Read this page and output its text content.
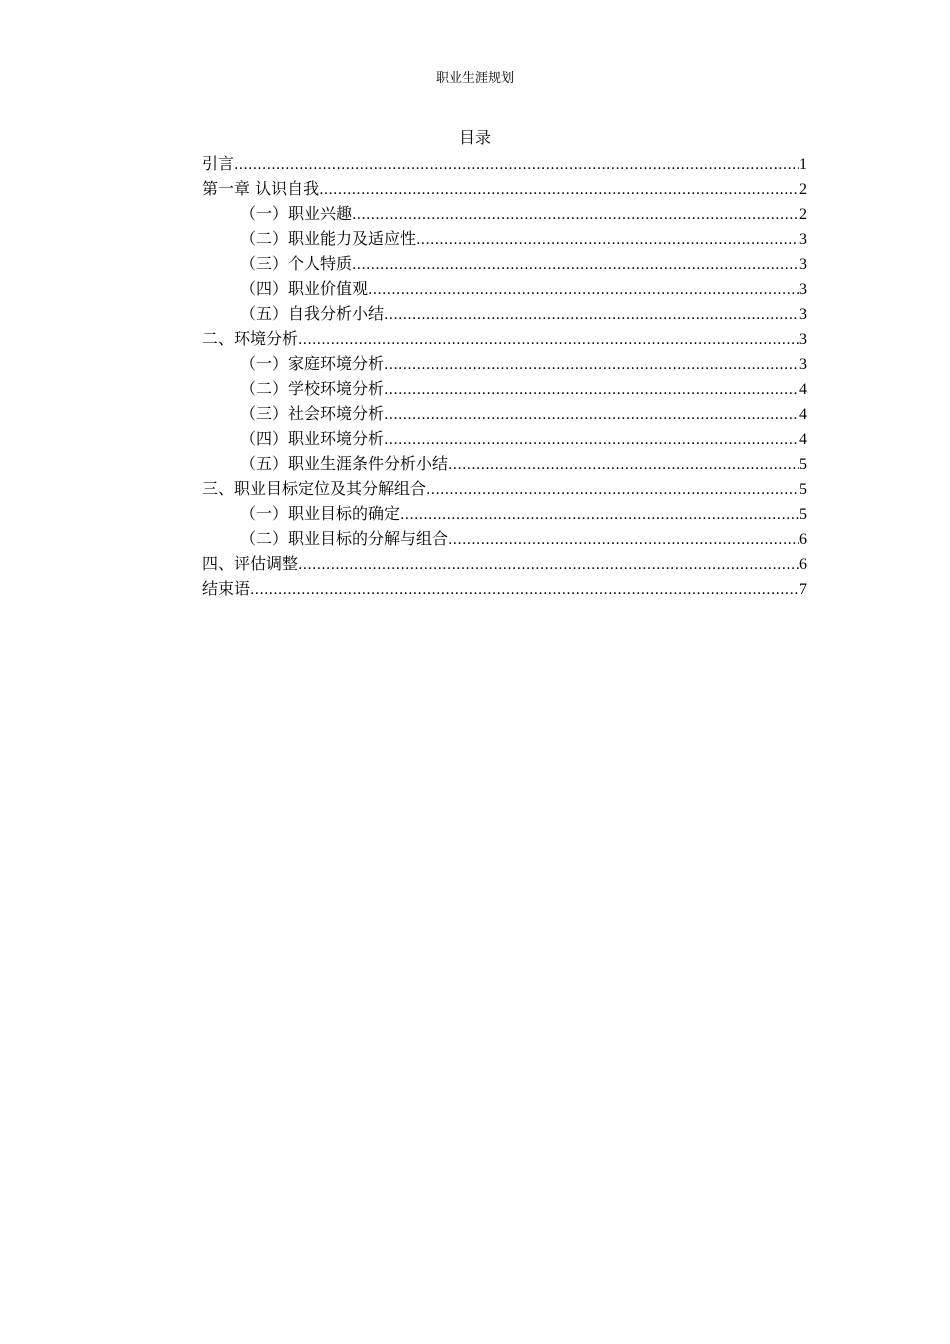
职业生涯规划
目录
引言 .....	1
第一章 认识自我 .....	2
（一）职业兴趣 .....	2
（二）职业能力及适应性 .....	3
（三）个人特质 .....	3
（四）职业价值观 .....	3
（五）自我分析小结 .....	3
二、环境分析 .....	3
（一）家庭环境分析 .....	3
（二）学校环境分析 .....	4
（三）社会环境分析 .....	4
（四）职业环境分析 .....	4
（五）职业生涯条件分析小结 .....	5
三、职业目标定位及其分解组合 .....	5
（一）职业目标的确定 .....	5
（二）职业目标的分解与组合 .....	6
四、评估调整 .....	6
结束语 .....	7
